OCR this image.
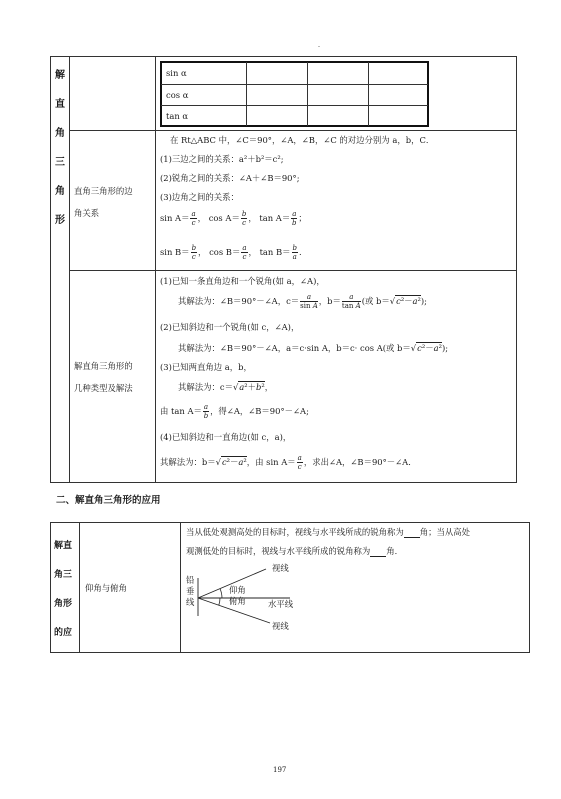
解
直
角
三
角
形
sin α
cos α
tan α
直角三角形的边
角关系
在 Rt△ABC 中，∠C＝90°，∠A，∠B，∠C 的对边分别为 a，b，C．
(1)三边之间的关系：a²＋b²＝c²;
(2)锐角之间的关系：∠A＋∠B＝90°;
(3)边角之间的关系：
$\sin A= \frac{a}{c}$ ， $\cos A= \frac{b}{c}$ ， $\tan A= \frac{a}{b}$ ；
$\sin B= \frac{b}{c}$ ， $\cos B= \frac{a}{c}$ ， $\tan B= \frac{b}{a}$ .
解直角三角形的
几种类型及解法
(1)已知一条直角边和一个锐角(如 a，∠A)，
其解法为：∠B＝90°－∠A，$c= \frac{a}{\text{sin A}}$ ，$b= \frac{a}{\text{tan A}}$ (或 b＝√c²－a²);
(2)已知斜边和一个锐角(如 c，∠A)，
其解法为：∠B＝90°－∠A，a＝c·sin A，b＝c· cos A(或 b＝√c²－a²);
(3)已知两直角边 a，b，
其解法为：c＝√a²＋b²，
由 $\tan A= \frac{a}{b}$ ，得∠A，∠B＝90°－∠A;
(4)已知斜边和一直角边(如 c，a)，
其解法为：b＝√c²－a²，由 $\sin A= \frac{a}{c}$ ，求出∠A，∠B＝90°－∠A．
二、解直角三角形的应用
解直
角三
角形
的应
仰角与俯角
当从低处观测高处的目标时，视线与水平线所成的锐角称为 角；当从高处
观测低处的目标时，视线与水平线所成的锐角称为 角．
铅
垂
线
视线
仰角
俯角	水平线
视线
197
